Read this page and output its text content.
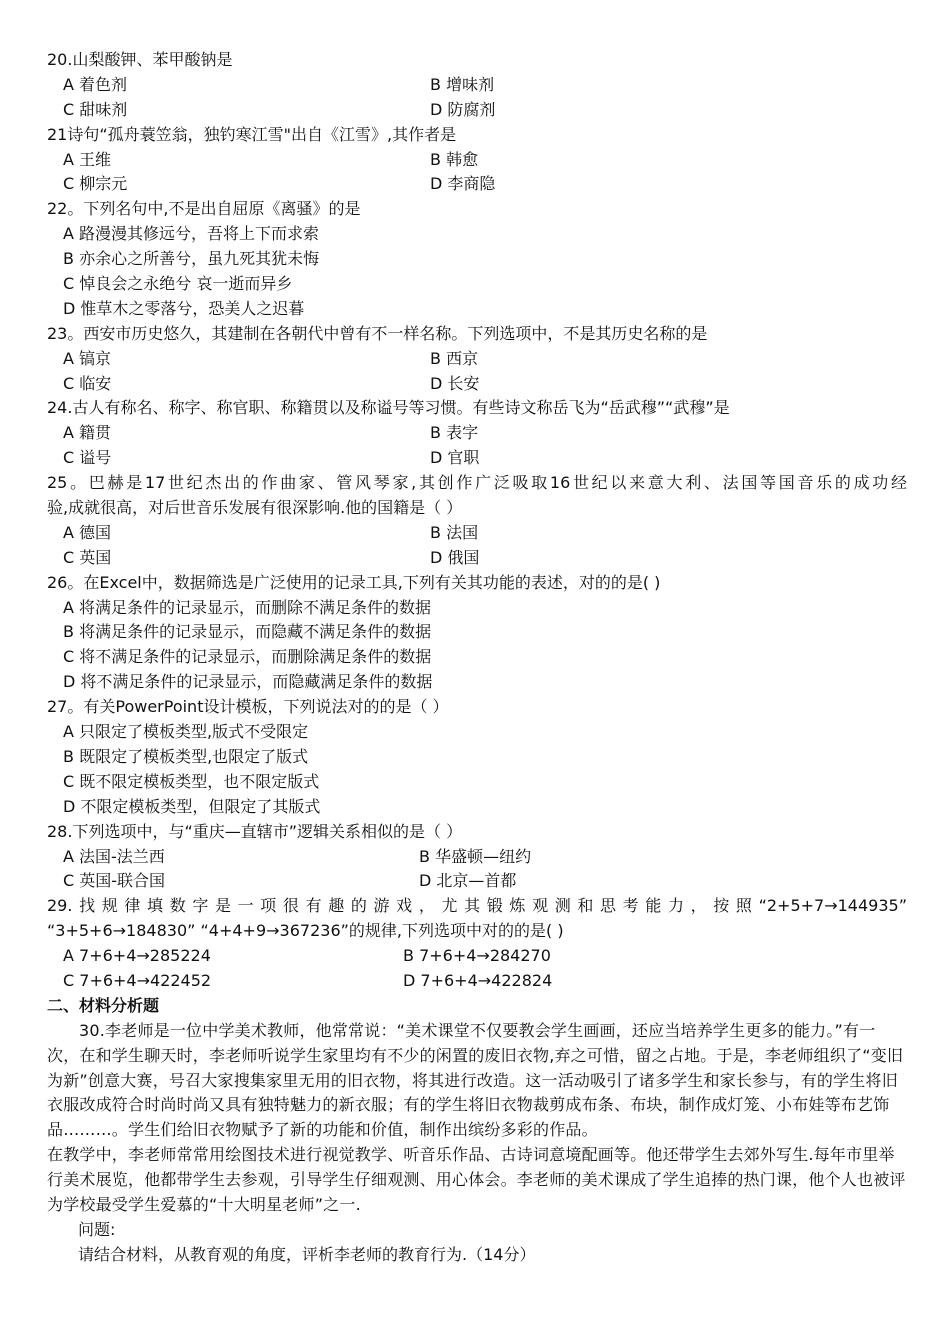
20.山梨酸钾、苯甲酸钠是
A 着色剂	B 增味剂
C 甜味剂	D 防腐剂
21诗句“孤舟蓑笠翁，独钓寒江雪"出自《江雪》,其作者是
A 王维	B 韩愈
C 柳宗元	D 李商隐
22。下列名句中,不是出自屈原《离骚》的是
A 路漫漫其修远兮，吾将上下而求索
B 亦余心之所善兮，虽九死其犹未悔
C 悼良会之永绝兮 哀一逝而异乡
D 惟草木之零落兮，恐美人之迟暮
23。西安市历史悠久，其建制在各朝代中曾有不一样名称。下列选项中，不是其历史名称的是
A 镐京	B 西京
C 临安	D 长安
24.古人有称名、称字、称官职、称籍贯以及称谥号等习惯。有些诗文称岳飞为“岳武穆”“武穆”是
A 籍贯	B 表字
C 谥号	D 官职
25。巴赫是17世纪杰出的作曲家、管风琴家,其创作广泛吸取16世纪以来意大利、法国等国音乐的成功经
验,成就很高，对后世音乐发展有很深影响.他的国籍是（ ）
A 德国	B 法国
C 英国	D 俄国
26。在Excel中，数据筛选是广泛使用的记录工具,下列有关其功能的表述，对的的是( )
A 将满足条件的记录显示，而删除不满足条件的数据
B 将满足条件的记录显示，而隐藏不满足条件的数据
C 将不满足条件的记录显示，而删除满足条件的数据
D 将不满足条件的记录显示，而隐藏满足条件的数据
27。有关PowerPoint设计模板，下列说法对的的是（ ）
A 只限定了模板类型,版式不受限定
B 既限定了模板类型,也限定了版式
C 既不限定模板类型，也不限定版式
D 不限定模板类型，但限定了其版式
28.下列选项中，与“重庆—直辖市”逻辑关系相似的是（ ）
A 法国-法兰西	B 华盛顿—纽约
C 英国-联合国	D 北京—首都
29.找规律填数字是一项很有趣的游戏，尤其锻炼观测和思考能力，按照“2+5+7→144935”
“3+5+6→184830” “4+4+9→367236”的规律,下列选项中对的的是( )
A 7+6+4→285224	B 7+6+4→284270
C 7+6+4→422452	D 7+6+4→422824
二、材料分析题
30.李老师是一位中学美术教师，他常常说：“美术课堂不仅要教会学生画画，还应当培养学生更多的能力。”有一次，在和学生聊天时，李老师听说学生家里均有不少的闲置的废旧衣物,弃之可惜，留之占地。于是，李老师组织了“变旧为新”创意大赛，号召大家搜集家里无用的旧衣物，将其进行改造。这一活动吸引了诸多学生和家长参与，有的学生将旧衣服改成符合时尚时尚又具有独特魅力的新衣服；有的学生将旧衣物裁剪成布条、布块，制作成灯笼、小布娃等布艺饰品………。学生们给旧衣物赋予了新的功能和价值，制作出缤纷多彩的作品。
在教学中，李老师常常用绘图技术进行视觉教学、听音乐作品、古诗词意境配画等。他还带学生去郊外写生.每年市里举行美术展览，他都带学生去参观，引导学生仔细观测、用心体会。李老师的美术课成了学生追捧的热门课，他个人也被评为学校最受学生爱慕的“十大明星老师”之一.
问题:
请结合材料，从教育观的角度，评析李老师的教育行为.（14分）
